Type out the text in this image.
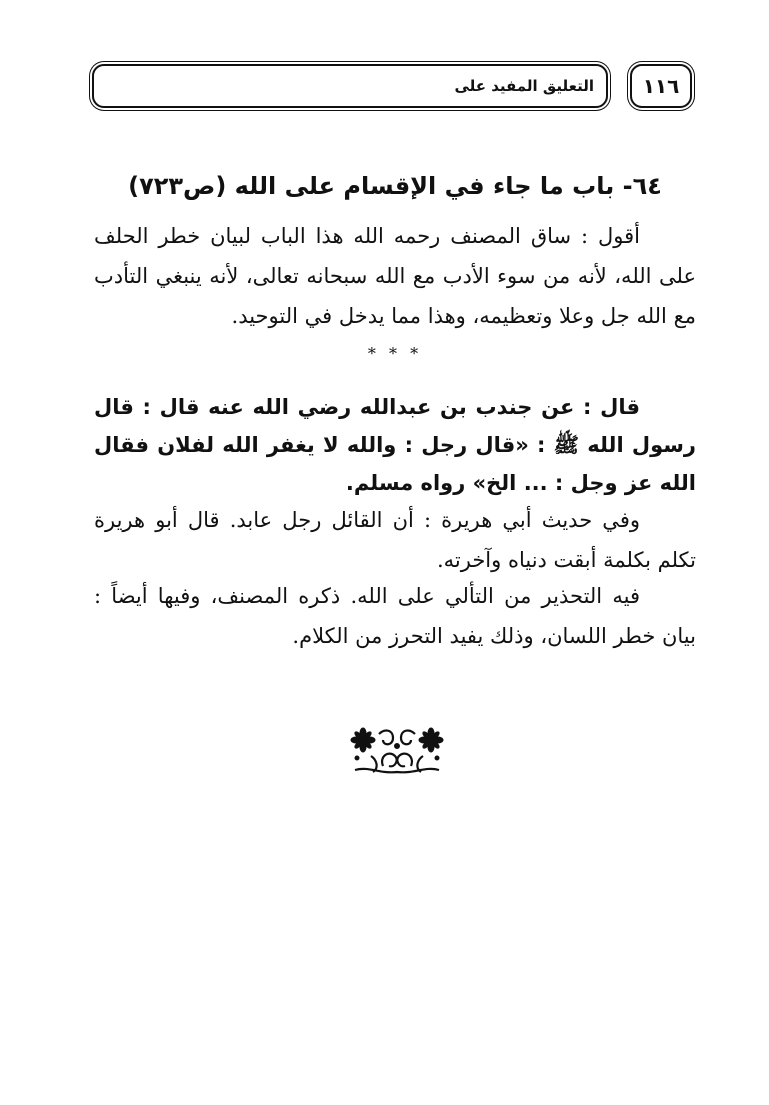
التعليق المفيد على	١١٦
٦٤- باب ما جاء في الإقسام على الله (ص٧٢٣)

أقول : ساق المصنف رحمه الله هذا الباب لبيان خطر الحلف على الله، لأنه من سوء الأدب مع الله سبحانه تعالى، لأنه ينبغي التأدب مع الله جل وعلا وتعظيمه، وهذا مما يدخل في التوحيد.

* * *

قال : عن جندب بن عبدالله رضي الله عنه قال : قال رسول الله ﷺ : «قال رجل : والله لا يغفر الله لفلان فقال الله عز وجل : ... الخ» رواه مسلم.

وفي حديث أبي هريرة : أن القائل رجل عابد. قال أبو هريرة تكلم بكلمة أبقت دنياه وآخرته.

فيه التحذير من التألي على الله. ذكره المصنف، وفيها أيضاً : بيان خطر اللسان، وذلك يفيد التحرز من الكلام.
